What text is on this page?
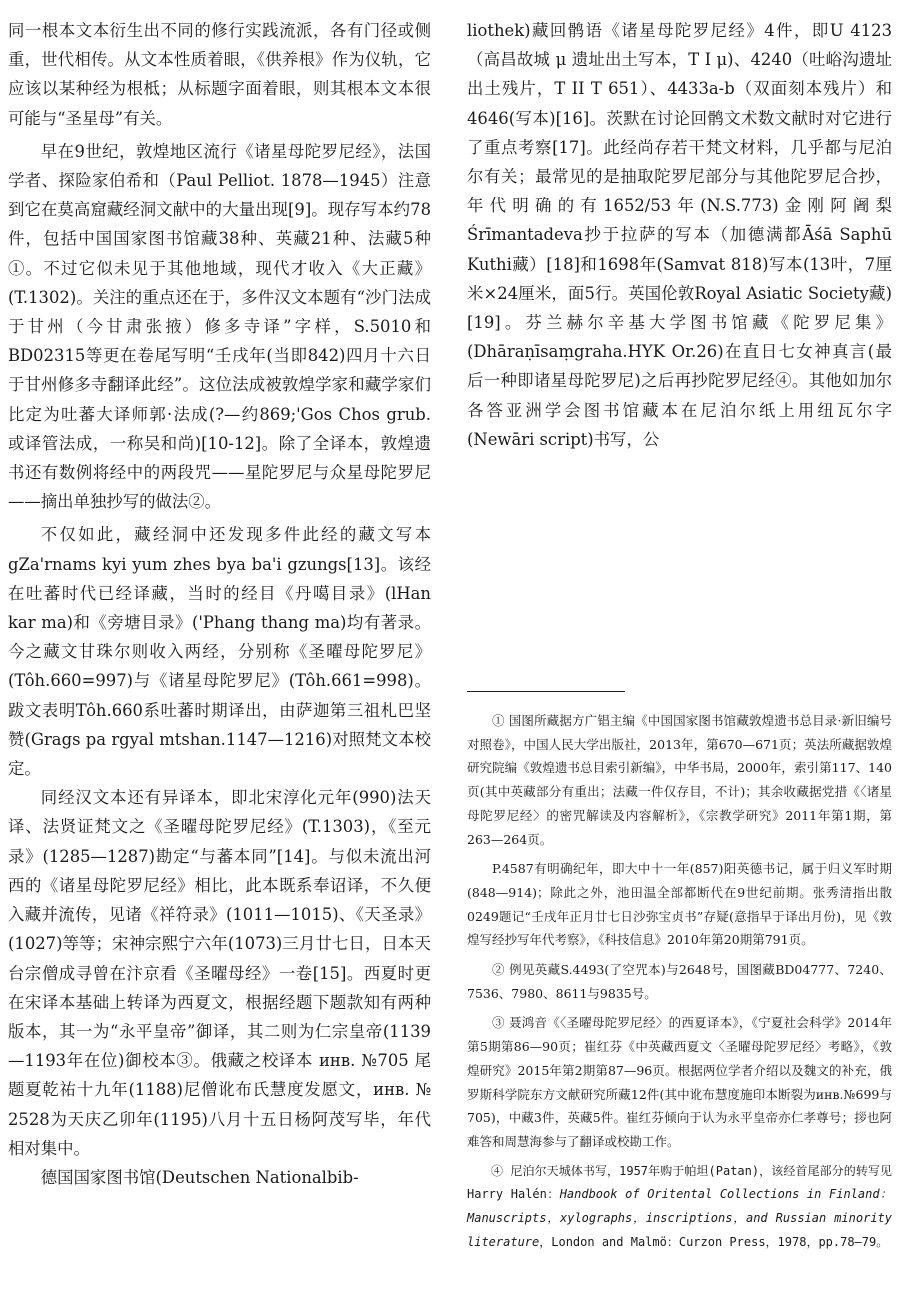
同一根本文本衍生出不同的修行实践流派，各有门径或侧重，世代相传。从文本性质着眼，《供养根》作为仪轨，它应该以某种经为根柢；从标题字面着眼，则其根本文本很可能与“圣星母”有关。

早在9世纪，敦煌地区流行《诸星母陀罗尼经》，法国学者、探险家伯希和（Paul Pelliot. 1878—1945）注意到它在莫高窟藏经洞文献中的大量出现[9]。现存写本约78件，包括中国国家图书馆藏38种、英藏21种、法藏5种①。不过它似未见于其他地域，现代才收入《大正藏》(T.1302)。关注的重点还在于，多件汉文本题有“沙门法成于甘州（今甘肃张掖）修多寺译”字样，S.5010和BD02315等更在卷尾写明“壬戌年(当即842)四月十六日于甘州修多寺翻译此经”。这位法成被敦煌学家和藏学家们比定为吐蕃大译师郭·法成(?—约869;'Gos Chos grub. 或译管法成，一称吴和尚)[10-12]。除了全译本，敦煌遗书还有数例将经中的两段咒——星陀罗尼与众星母陀罗尼——摘出单独抄写的做法②。

不仅如此，藏经洞中还发现多件此经的藏文写本 gZa'rnams kyi yum zhes bya ba'i gzungs[13]。该经在吐蕃时代已经译藏，当时的经目《丹噶目录》(lHan kar ma)和《旁塘目录》('Phang thang ma)均有著录。今之藏文甘珠尔则收入两经，分别称《圣曜母陀罗尼》(Tôh.660=997)与《诸星母陀罗尼》(Tôh.661=998)。跋文表明Tôh.660系吐蕃时期译出，由萨迦第三祖札巴坚赞(Grags pa rgyal mtshan.1147—1216)对照梵文本校定。

同经汉文本还有异译本，即北宋淳化元年(990)法天译、法贤证梵文之《圣曜母陀罗尼经》(T.1303)，《至元录》(1285—1287)勘定“与蕃本同”[14]。与似未流出河西的《诸星母陀罗尼经》相比，此本既系奉诏译，不久便入藏并流传，见诸《祥符录》(1011—1015)、《天圣录》(1027)等等；宋神宗熙宁六年(1073)三月廿七日，日本天台宗僧成寻曾在汴京看《圣曜母经》一卷[15]。西夏时更在宋译本基础上转译为西夏文，根据经题下题款知有两种版本，其一为“永平皇帝”御译，其二则为仁宗皇帝(1139—1193年在位)御校本③。俄藏之校译本 инв. №705 尾题夏乾祐十九年(1188)尼僧讹布氏慧度发愿文，инв. № 2528为天庆乙卯年(1195)八月十五日杨阿茂写毕，年代相对集中。

德国国家图书馆(Deutschen Nationalbib-

liothek)藏回鹘语《诸星母陀罗尼经》4件，即U 4123（高昌故城 μ 遗址出土写本，T I μ)、4240（吐峪沟遗址出土残片，T II T 651）、4433a-b（双面刻本残片）和4646(写本)[16]。茨默在讨论回鹘文术数文献时对它进行了重点考察[17]。此经尚存若干梵文材料，几乎都与尼泊尔有关；最常见的是抽取陀罗尼部分与其他陀罗尼合抄，年代明确的有1652/53年(N.S.773)金刚阿阇梨Śrīmantadeva抄于拉萨的写本（加德满都Āśā Saphū Kuthi藏）[18]和1698年(Samvat 818)写本(13叶，7厘米×24厘米，面5行。英国伦敦Royal Asiatic Society藏)[19]。芬兰赫尔辛基大学图书馆藏《陀罗尼集》(Dhāraṇīsaṃgraha.HYK Or.26)在直日七女神真言(最后一种即诸星母陀罗尼)之后再抄陀罗尼经④。其他如加尔各答亚洲学会图书馆藏本在尼泊尔纸上用纽瓦尔字(Newāri script)书写，公

① 国图所藏据方广锠主编《中国国家图书馆藏敦煌遗书总目录·新旧编号对照卷》，中国人民大学出版社，2013年，第670—671页；英法所藏据敦煌研究院编《敦煌遗书总目索引新编》，中华书局，2000年，索引第117、140页(其中英藏部分有重出；法藏一件仅存目，不计)；其余收藏据党措《〈诸星母陀罗尼经〉的密咒解读及内容解析》，《宗教学研究》2011年第1期，第263—264页。

P.4587有明确纪年，即大中十一年(857)阳英德书记，属于归义军时期(848—914)；除此之外，池田温全部都断代在9世纪前期。张秀清指出散0249题记“壬戌年正月廿七日沙弥宝贞书”存疑(意指早于译出月份)，见《敦煌写经抄写年代考察》，《科技信息》2010年第20期第791页。

② 例见英藏S.4493(了空咒本)与2648号，国图藏BD04777、7240、7536、7980、8611与9835号。

③ 聂鸿音《〈圣曜母陀罗尼经〉的西夏译本》，《宁夏社会科学》2014年第5期第86—90页；崔红芬《中英藏西夏文〈圣曜母陀罗尼经〉考略》，《敦煌研究》2015年第2期第87—96页。根据两位学者介绍以及魏文的补充，俄罗斯科学院东方文献研究所藏12件(其中讹布慧度施印本断裂为инв.№699与705)，中藏3件，英藏5件。崔红芬倾向于认为永平皇帝亦仁孝尊号；拶也阿难答和周慧海参与了翻译或校勘工作。

④ 尼泊尔天城体书写，1957年购于帕坦(Patan)，该经首尾部分的转写见Harry Halén：Handbook of Oritental Collections in Finland：Manuscripts，xylographs，inscriptions，and Russian minority literature，London and Malmö：Curzon Press，1978，pp.78—79。
